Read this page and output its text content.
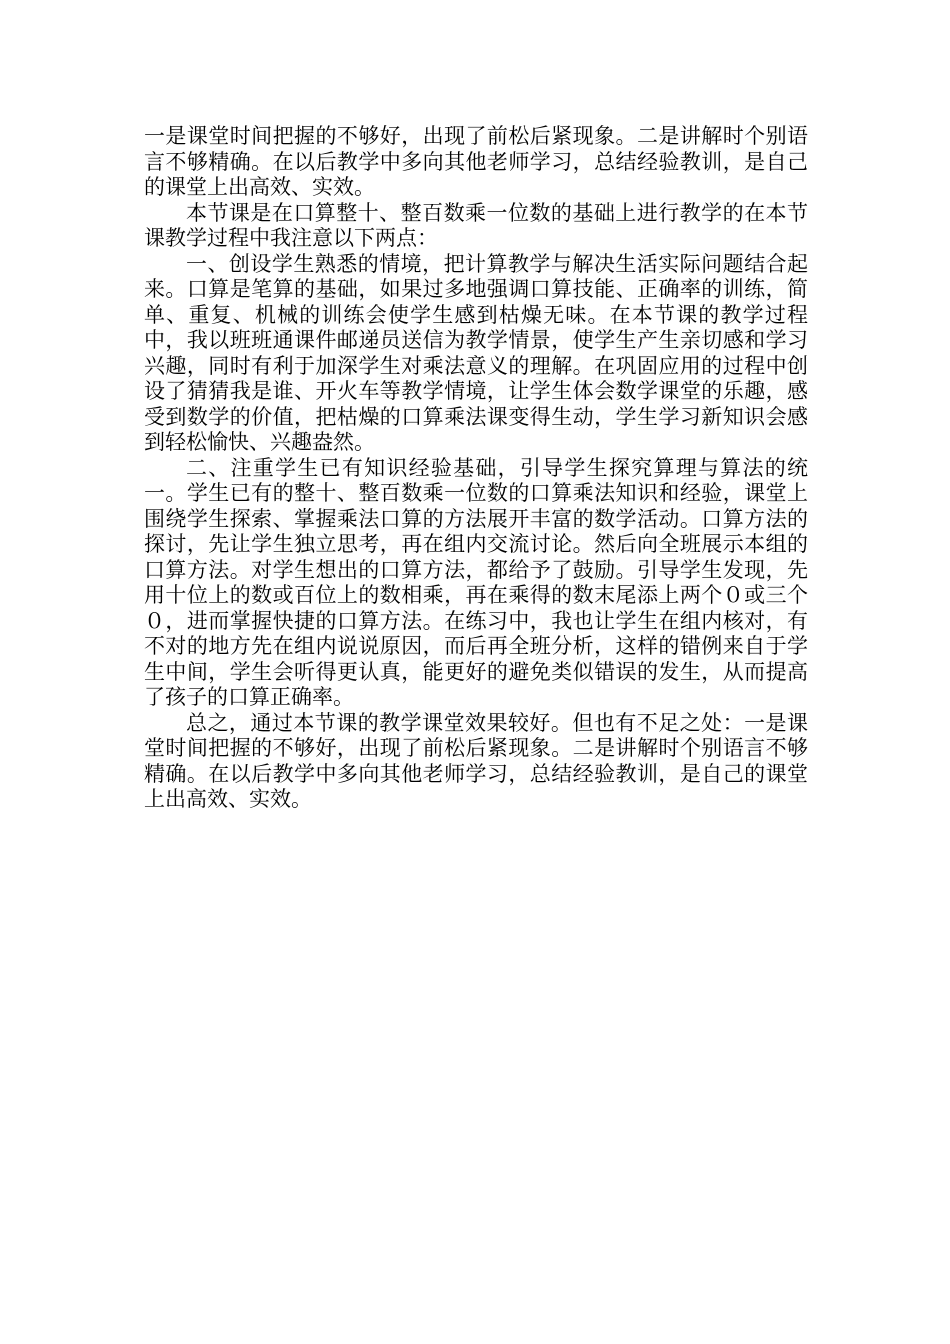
一是课堂时间把握的不够好，出现了前松后紧现象。二是讲解时个别语言不够精确。在以后教学中多向其他老师学习，总结经验教训，是自己的课堂上出高效、实效。

本节课是在口算整十、整百数乘一位数的基础上进行教学的在本节课教学过程中我注意以下两点：

一、创设学生熟悉的情境，把计算教学与解决生活实际问题结合起来。口算是笔算的基础，如果过多地强调口算技能、正确率的训练，简单、重复、机械的训练会使学生感到枯燥无味。在本节课的教学过程中，我以班班通课件邮递员送信为教学情景，使学生产生亲切感和学习兴趣，同时有利于加深学生对乘法意义的理解。在巩固应用的过程中创设了猜猜我是谁、开火车等教学情境，让学生体会数学课堂的乐趣，感受到数学的价值，把枯燥的口算乘法课变得生动，学生学习新知识会感到轻松愉快、兴趣盎然。

二、注重学生已有知识经验基础，引导学生探究算理与算法的统一。学生已有的整十、整百数乘一位数的口算乘法知识和经验，课堂上围绕学生探索、掌握乘法口算的方法展开丰富的数学活动。口算方法的探讨，先让学生独立思考，再在组内交流讨论。然后向全班展示本组的口算方法。对学生想出的口算方法，都给予了鼓励。引导学生发现，先用十位上的数或百位上的数相乘，再在乘得的数末尾添上两个０或三个０，进而掌握快捷的口算方法。在练习中，我也让学生在组内核对，有不对的地方先在组内说说原因，而后再全班分析，这样的错例来自于学生中间，学生会听得更认真，能更好的避免类似错误的发生，从而提高了孩子的口算正确率。

总之，通过本节课的教学课堂效果较好。但也有不足之处：一是课堂时间把握的不够好，出现了前松后紧现象。二是讲解时个别语言不够精确。在以后教学中多向其他老师学习，总结经验教训，是自己的课堂上出高效、实效。
